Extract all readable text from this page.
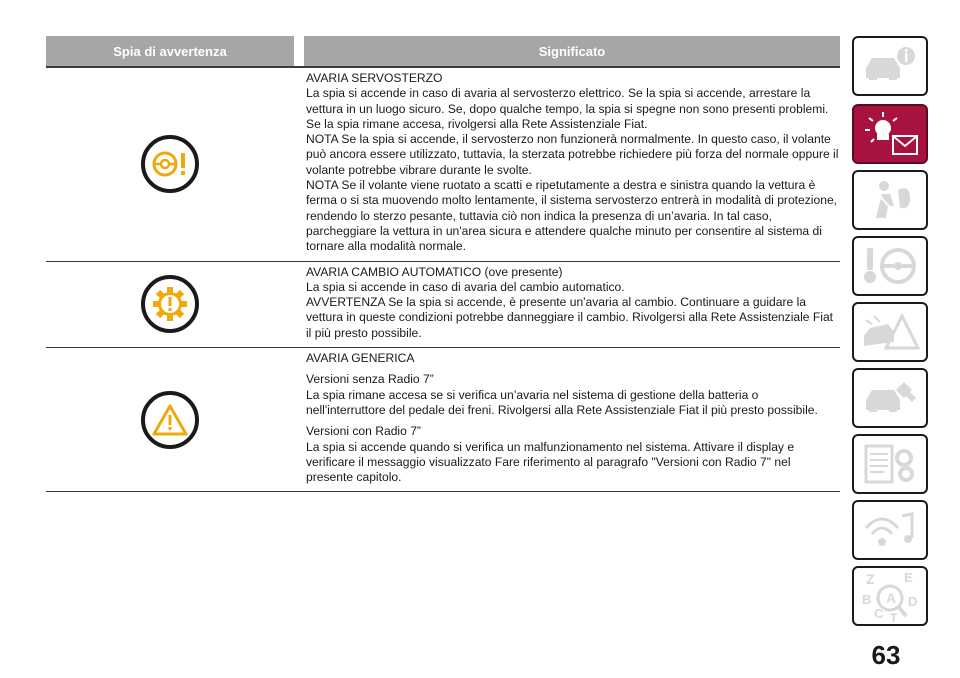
Spia di avvertenza	Significato

AVARIA SERVOSTERZO
La spia si accende in caso di avaria al servosterzo elettrico. Se la spia si accende, arrestare la vettura in un luogo sicuro. Se, dopo qualche tempo, la spia si spegne non sono presenti problemi. Se la spia rimane accesa, rivolgersi alla Rete Assistenziale Fiat.
NOTA Se la spia si accende, il servosterzo non funzionerà normalmente. In questo caso, il volante può ancora essere utilizzato, tuttavia, la sterzata potrebbe richiedere più forza del normale oppure il volante potrebbe vibrare durante le svolte.
NOTA Se il volante viene ruotato a scatti e ripetutamente a destra e sinistra quando la vettura è ferma o si sta muovendo molto lentamente, il sistema servosterzo entrerà in modalità di protezione, rendendo lo sterzo pesante, tuttavia ciò non indica la presenza di un’avaria. In tal caso, parcheggiare la vettura in un'area sicura e attendere qualche minuto per consentire al sistema di tornare alla modalità normale.

AVARIA CAMBIO AUTOMATICO (ove presente)
La spia si accende in caso di avaria del cambio automatico.
AVVERTENZA Se la spia si accende, è presente un'avaria al cambio. Continuare a guidare la vettura in queste condizioni potrebbe danneggiare il cambio. Rivolgersi alla Rete Assistenziale Fiat il più presto possibile.

AVARIA GENERICA

Versioni senza Radio 7”
La spia rimane accesa se si verifica un’avaria nel sistema di gestione della batteria o nell'interruttore del pedale dei freni. Rivolgersi alla Rete Assistenziale Fiat il più presto possibile.

Versioni con Radio 7”
La spia si accende quando si verifica un malfunzionamento nel sistema. Attivare il display e verificare il messaggio visualizzato Fare riferimento al paragrafo "Versioni con Radio 7" nel presente capitolo.

Z E
B A
C
D
T
63
